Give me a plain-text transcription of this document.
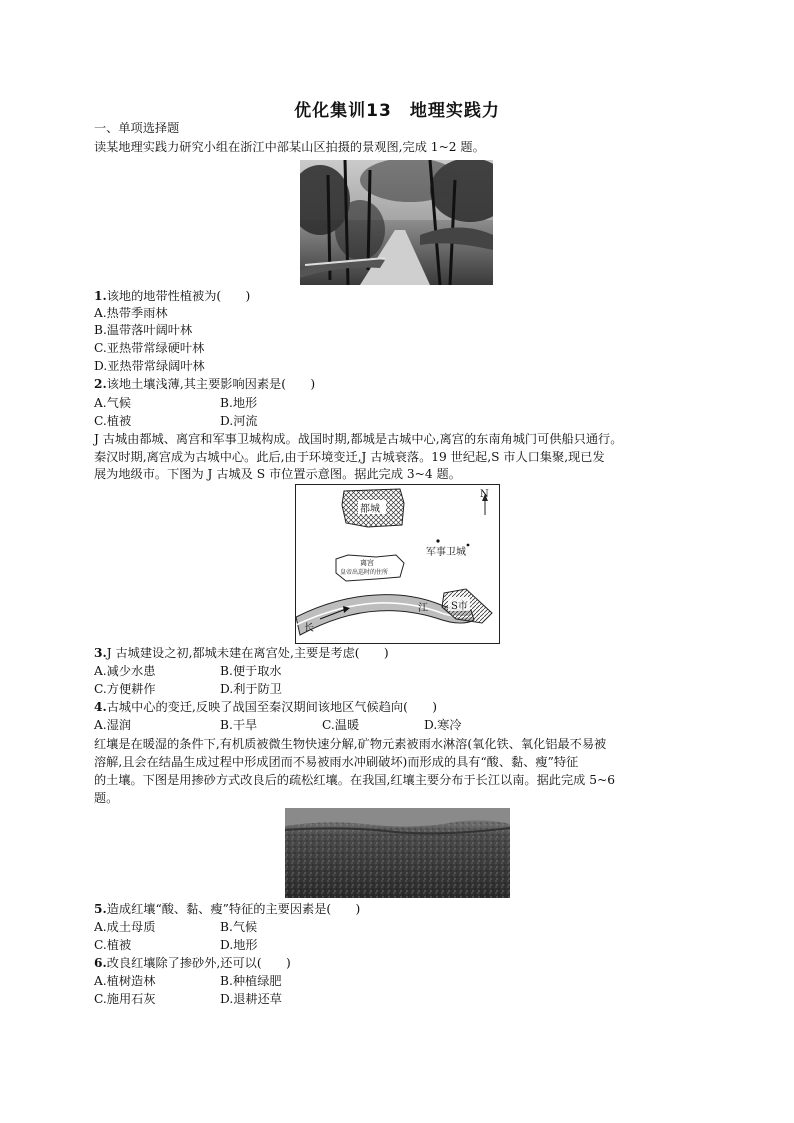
优化集训13　地理实践力
一、单项选择题
读某地理实践力研究小组在浙江中部某山区拍摄的景观图,完成 1~2 题。
1.该地的地带性植被为(　　)
A.热带季雨林
B.温带落叶阔叶林
C.亚热带常绿硬叶林
D.亚热带常绿阔叶林
2.该地土壤浅薄,其主要影响因素是(　　)
A.气候	B.地形
C.植被	D.河流
J 古城由都城、离宫和军事卫城构成。战国时期,都城是古城中心,离宫的东南角城门可供船只通行。
秦汉时期,离宫成为古城中心。此后,由于环境变迁,J 古城衰落。19 世纪起,S 市人口集聚,现已发
展为地级市。下图为 J 古城及 S 市位置示意图。据此完成 3~4 题。
N
都城
军事卫城
离宫
皇帝出巡时的住所
S市
长
江
3.J 古城建设之初,都城未建在离宫处,主要是考虑(　　)
A.减少水患	B.便于取水
C.方便耕作	D.利于防卫
4.古城中心的变迁,反映了战国至秦汉期间该地区气候趋向(　　)
A.湿润	B.干旱	C.温暖	D.寒冷
红壤是在暖湿的条件下,有机质被微生物快速分解,矿物元素被雨水淋溶(氧化铁、氧化铝最不易被
溶解,且会在结晶生成过程中形成团而不易被雨水冲刷破坏)而形成的具有“酸、黏、瘦”特征
的土壤。下图是用掺砂方式改良后的疏松红壤。在我国,红壤主要分布于长江以南。据此完成 5~6
题。
5.造成红壤“酸、黏、瘦”特征的主要因素是(　　)
A.成土母质	B.气候
C.植被	D.地形
6.改良红壤除了掺砂外,还可以(　　)
A.植树造林	B.种植绿肥
C.施用石灰	D.退耕还草
